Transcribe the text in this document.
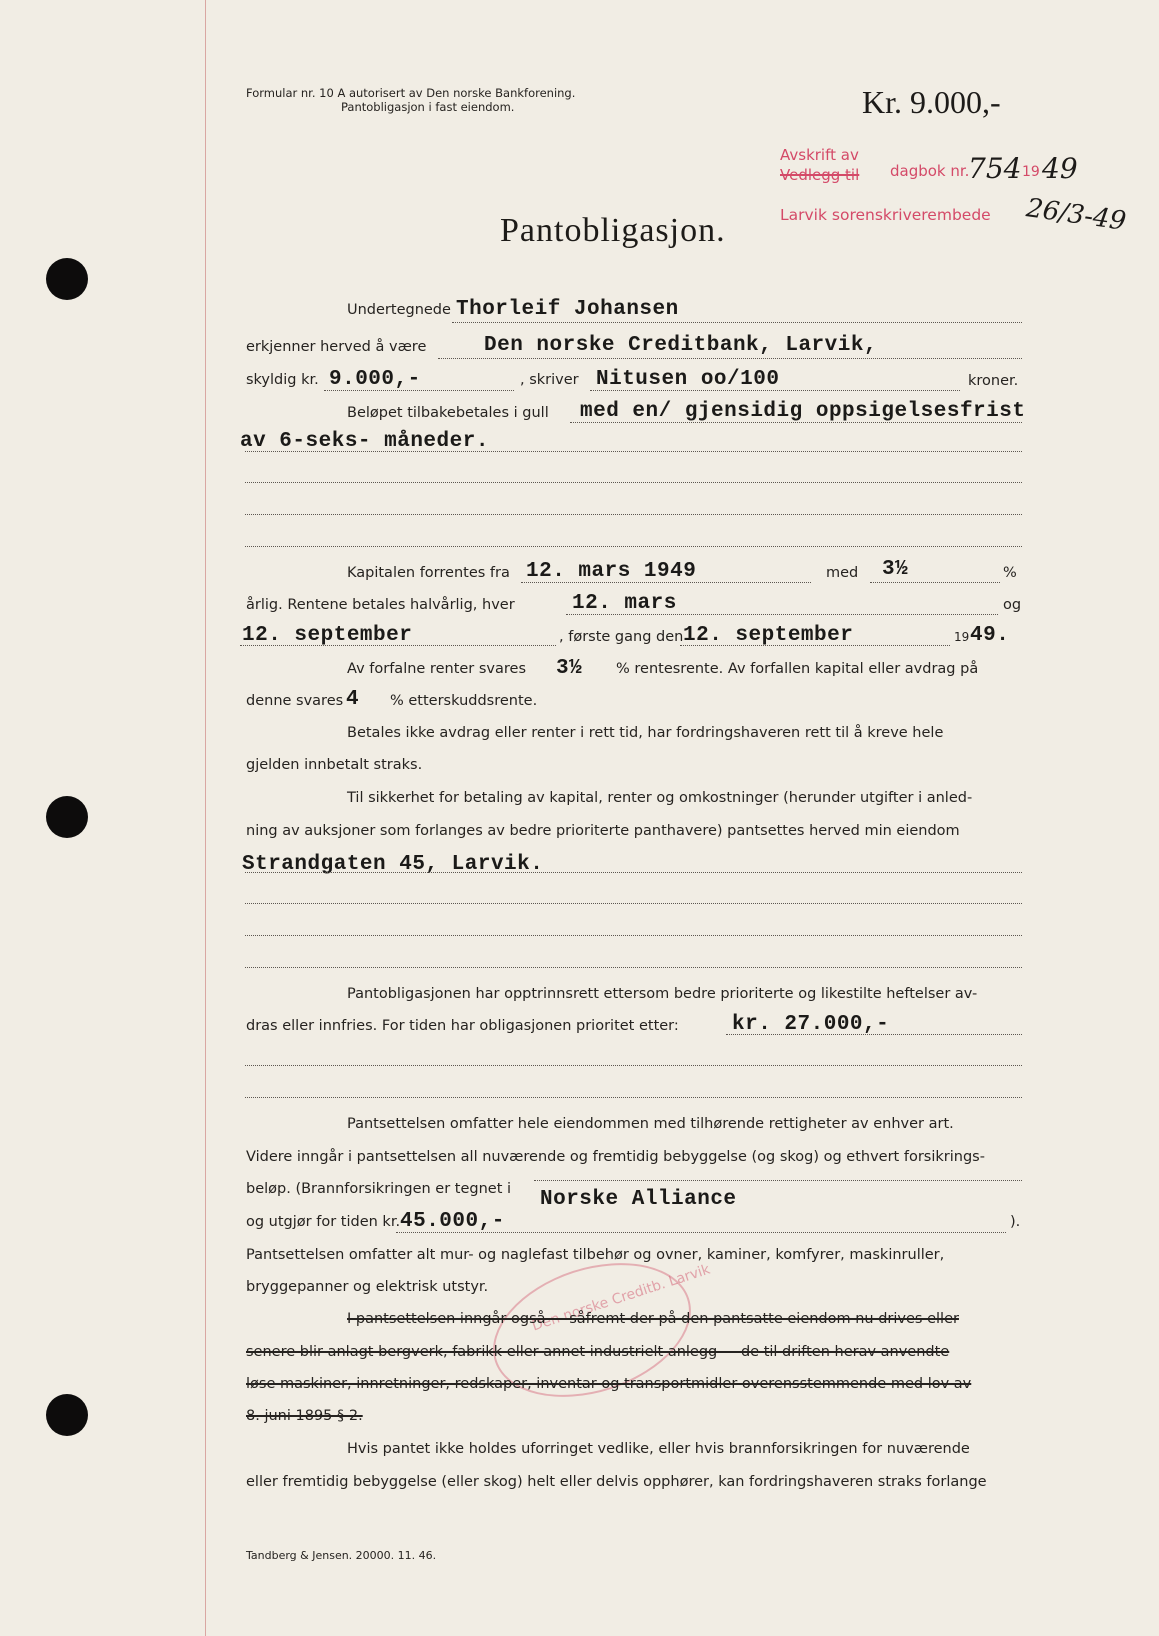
Formular nr. 10 A autorisert av Den norske Bankforening.
Pantobligasjon i fast eiendom.	Kr. 9.000,-
Avskrift av
Vedlegg til dagbok nr.
754 19 49
Larvik sorenskriverembede 26/3-49
Pantobligasjon.
Undertegnede Thorleif Johansen
erkjenner herved å være	Den norske Creditbank, Larvik,
skyldig kr. 9.000,-	, skriver Nitusen oo/100	kroner.
Beløpet tilbakebetales i gull med en/ gjensidig oppsigelsesfrist
av 6-seks- måneder.
Kapitalen forrentes fra 12. mars 1949	med 3½	%
årlig. Rentene betales halvårlig, hver	12. mars	og
12. september	, første gang den 12. september	19 49.
Av forfalne renter svares 3½ % rentesrente. Av forfallen kapital eller avdrag på
denne svares 4 % etterskuddsrente.
Betales ikke avdrag eller renter i rett tid, har fordringshaveren rett til å kreve hele
gjelden innbetalt straks.
Til sikkerhet for betaling av kapital, renter og omkostninger (herunder utgifter i anled-
ning av auksjoner som forlanges av bedre prioriterte panthavere) pantsettes herved min eiendom
Strandgaten 45, Larvik.
Pantobligasjonen har opptrinnsrett ettersom bedre prioriterte og likestilte heftelser av-
dras eller innfries. For tiden har obligasjonen prioritet etter:	kr. 27.000,-
Pantsettelsen omfatter hele eiendommen med tilhørende rettigheter av enhver art.
Videre inngår i pantsettelsen all nuværende og fremtidig bebyggelse (og skog) og ethvert forsikrings-
beløp. (Brannforsikringen er tegnet i Norske Alliance
og utgjør for tiden kr. 45.000,-	).
Pantsettelsen omfatter alt mur- og naglefast tilbehør og ovner, kaminer, komfyrer, maskinruller,
bryggepanner og elektrisk utstyr.	Den norske Creditb. Larvik
I pantsettelsen inngår også — såfremt der på den pantsatte eiendom nu drives eller
senere blir anlagt bergverk, fabrikk eller annet industrielt anlegg — de til driften herav anvendte
løse maskiner, innretninger, redskaper, inventar og transportmidler overensstemmende med lov av
8. juni 1895 § 2.
Hvis pantet ikke holdes uforringet vedlike, eller hvis brannforsikringen for nuværende
eller fremtidig bebyggelse (eller skog) helt eller delvis opphører, kan fordringshaveren straks forlange
Tandberg & Jensen. 20000. 11. 46.
